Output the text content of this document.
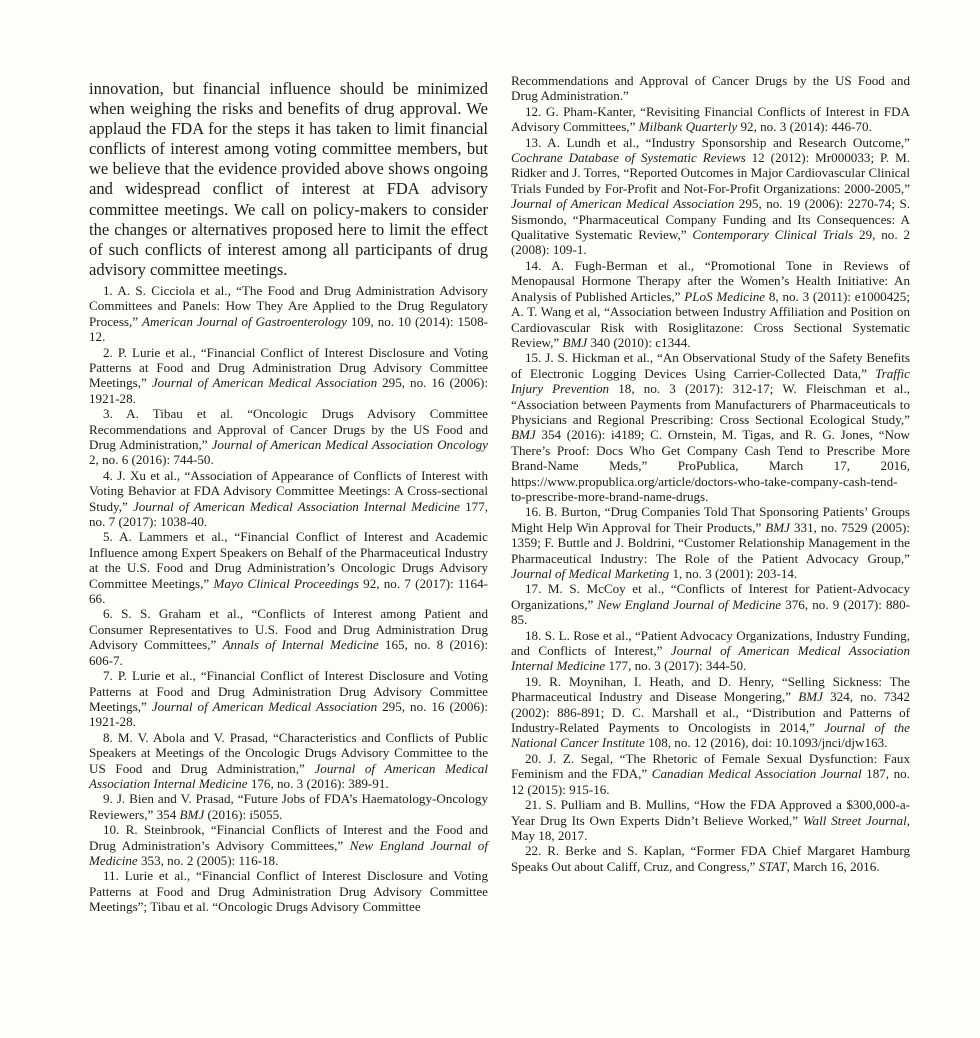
innovation, but financial influence should be minimized when weighing the risks and benefits of drug approval. We applaud the FDA for the steps it has taken to limit financial conflicts of interest among voting committee members, but we believe that the evidence provided above shows ongoing and widespread conflict of interest at FDA advisory committee meetings. We call on policy-makers to consider the changes or alternatives proposed here to limit the effect of such conflicts of interest among all participants of drug advisory committee meetings.

1. A. S. Cicciola et al., “The Food and Drug Administration Advisory Committees and Panels: How They Are Applied to the Drug Regulatory Process,” American Journal of Gastroenterology 109, no. 10 (2014): 1508-12.

2. P. Lurie et al., “Financial Conflict of Interest Disclosure and Voting Patterns at Food and Drug Administration Drug Advisory Committee Meetings,” Journal of American Medical Association 295, no. 16 (2006): 1921-28.

3. A. Tibau et al. “Oncologic Drugs Advisory Committee Recommendations and Approval of Cancer Drugs by the US Food and Drug Administration,” Journal of American Medical Association Oncology 2, no. 6 (2016): 744-50.

4. J. Xu et al., “Association of Appearance of Conflicts of Interest with Voting Behavior at FDA Advisory Committee Meetings: A Cross-sectional Study,” Journal of American Medical Association Internal Medicine 177, no. 7 (2017): 1038-40.

5. A. Lammers et al., “Financial Conflict of Interest and Academic Influence among Expert Speakers on Behalf of the Pharmaceutical Industry at the U.S. Food and Drug Administration’s Oncologic Drugs Advisory Committee Meetings,” Mayo Clinical Proceedings 92, no. 7 (2017): 1164-66.

6. S. S. Graham et al., “Conflicts of Interest among Patient and Consumer Representatives to U.S. Food and Drug Administration Drug Advisory Committees,” Annals of Internal Medicine 165, no. 8 (2016): 606-7.

7. P. Lurie et al., “Financial Conflict of Interest Disclosure and Voting Patterns at Food and Drug Administration Drug Advisory Committee Meetings,” Journal of American Medical Association 295, no. 16 (2006): 1921-28.

8. M. V. Abola and V. Prasad, “Characteristics and Conflicts of Public Speakers at Meetings of the Oncologic Drugs Advisory Committee to the US Food and Drug Administration,” Journal of American Medical Association Internal Medicine 176, no. 3 (2016): 389-91.

9. J. Bien and V. Prasad, “Future Jobs of FDA’s Haematology-Oncology Reviewers,” 354 BMJ (2016): i5055.

10. R. Steinbrook, “Financial Conflicts of Interest and the Food and Drug Administration’s Advisory Committees,” New England Journal of Medicine 353, no. 2 (2005): 116-18.

11. Lurie et al., “Financial Conflict of Interest Disclosure and Voting Patterns at Food and Drug Administration Drug Advisory Committee Meetings”; Tibau et al. “Oncologic Drugs Advisory Committee

Recommendations and Approval of Cancer Drugs by the US Food and Drug Administration.”

12. G. Pham-Kanter, “Revisiting Financial Conflicts of Interest in FDA Advisory Committees,” Milbank Quarterly 92, no. 3 (2014): 446-70.

13. A. Lundh et al., “Industry Sponsorship and Research Outcome,” Cochrane Database of Systematic Reviews 12 (2012): Mr000033; P. M. Ridker and J. Torres, “Reported Outcomes in Major Cardiovascular Clinical Trials Funded by For-Profit and Not-For-Profit Organizations: 2000-2005,” Journal of American Medical Association 295, no. 19 (2006): 2270-74; S. Sismondo, “Pharmaceutical Company Funding and Its Consequences: A Qualitative Systematic Review,” Contemporary Clinical Trials 29, no. 2 (2008): 109-1.

14. A. Fugh-Berman et al., “Promotional Tone in Reviews of Menopausal Hormone Therapy after the Women’s Health Initiative: An Analysis of Published Articles,” PLoS Medicine 8, no. 3 (2011): e1000425; A. T. Wang et al, “Association between Industry Affiliation and Position on Cardiovascular Risk with Rosiglitazone: Cross Sectional Systematic Review,” BMJ 340 (2010): c1344.

15. J. S. Hickman et al., “An Observational Study of the Safety Benefits of Electronic Logging Devices Using Carrier-Collected Data,” Traffic Injury Prevention 18, no. 3 (2017): 312-17; W. Fleischman et al., “Association between Payments from Manufacturers of Pharmaceuticals to Physicians and Regional Prescribing: Cross Sectional Ecological Study,” BMJ 354 (2016): i4189; C. Ornstein, M. Tigas, and R. G. Jones, “Now There’s Proof: Docs Who Get Company Cash Tend to Prescribe More Brand-Name Meds,” ProPublica, March 17, 2016, https://www.propublica.org/article/doctors-who-take-company-cash-tend-to-prescribe-more-brand-name-drugs.

16. B. Burton, “Drug Companies Told That Sponsoring Patients’ Groups Might Help Win Approval for Their Products,” BMJ 331, no. 7529 (2005): 1359; F. Buttle and J. Boldrini, “Customer Relationship Management in the Pharmaceutical Industry: The Role of the Patient Advocacy Group,” Journal of Medical Marketing 1, no. 3 (2001): 203-14.

17. M. S. McCoy et al., “Conflicts of Interest for Patient-Advocacy Organizations,” New England Journal of Medicine 376, no. 9 (2017): 880-85.

18. S. L. Rose et al., “Patient Advocacy Organizations, Industry Funding, and Conflicts of Interest,” Journal of American Medical Association Internal Medicine 177, no. 3 (2017): 344-50.

19. R. Moynihan, I. Heath, and D. Henry, “Selling Sickness: The Pharmaceutical Industry and Disease Mongering,” BMJ 324, no. 7342 (2002): 886-891; D. C. Marshall et al., “Distribution and Patterns of Industry-Related Payments to Oncologists in 2014,” Journal of the National Cancer Institute 108, no. 12 (2016), doi: 10.1093/jnci/djw163.

20. J. Z. Segal, “The Rhetoric of Female Sexual Dysfunction: Faux Feminism and the FDA,” Canadian Medical Association Journal 187, no. 12 (2015): 915-16.

21. S. Pulliam and B. Mullins, “How the FDA Approved a $300,000-a-Year Drug Its Own Experts Didn’t Believe Worked,” Wall Street Journal, May 18, 2017.

22. R. Berke and S. Kaplan, “Former FDA Chief Margaret Hamburg Speaks Out about Califf, Cruz, and Congress,” STAT, March 16, 2016.
